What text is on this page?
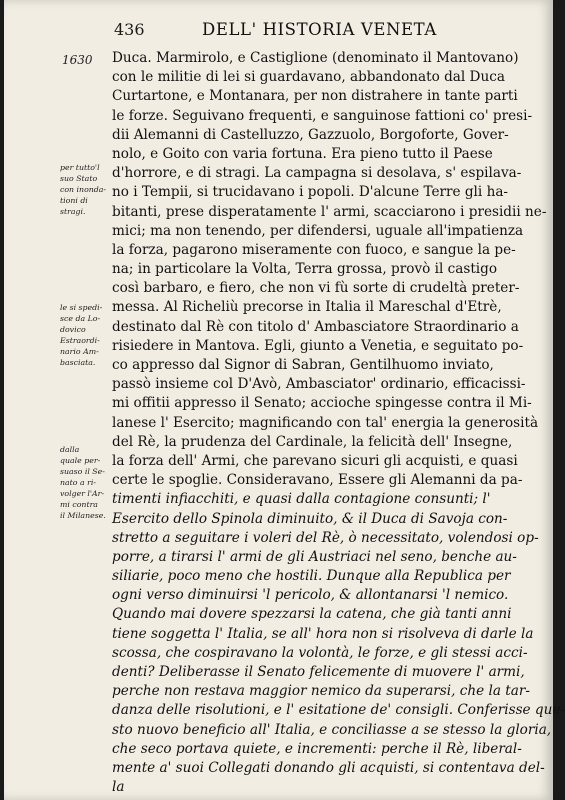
436	DELL' HISTORIA VENETA
1630
per tutto'l
suo Stato
con inonda-
tioni di
stragi.
le si spedi-
sce da Lo-
dovico
Estraordi-
nario Am-
basciata.
dalla
quale per-
suaso il Se-
nato a ri-
volger l'Ar-
mi contra
il Milanese.
Duca. Marmirolo, e Castiglione (denominato il Mantovano)
con le militie di lei si guardavano, abbandonato dal Duca
Curtartone, e Montanara, per non distrahere in tante parti
le forze. Seguivano frequenti, e sanguinose fattioni co' presi-
dii Alemanni di Castelluzzo, Gazzuolo, Borgoforte, Gover-
nolo, e Goito con varia fortuna. Era pieno tutto il Paese
d'horrore, e di stragi. La campagna si desolava, s' espilava-
no i Tempii, si trucidavano i popoli. D'alcune Terre gli ha-
bitanti, prese disperatamente l' armi, scacciarono i presidii ne-
mici; ma non tenendo, per difendersi, uguale all'impatienza
la forza, pagarono miseramente con fuoco, e sangue la pe-
na; in particolare la Volta, Terra grossa, provò il castigo
così barbaro, e fiero, che non vi fù sorte di crudeltà preter-
messa. Al Richeliù precorse in Italia il Mareschal d'Etrè,
destinato dal Rè con titolo d' Ambasciatore Straordinario a
risiedere in Mantova. Egli, giunto a Venetia, e seguitato po-
co appresso dal Signor di Sabran, Gentilhuomo inviato,
passò insieme col D'Avò, Ambasciator' ordinario, efficacissi-
mi offitii appresso il Senato; accioche spingesse contra il Mi-
lanese l' Esercito; magnificando con tal' energia la generosità
del Rè, la prudenza del Cardinale, la felicità dell' Insegne,
la forza dell' Armi, che parevano sicuri gli acquisti, e quasi
certe le spoglie. Consideravano, Essere gli Alemanni da pa-
timenti infiacchiti, e quasi dalla contagione consunti; l'
Esercito dello Spinola diminuito, & il Duca di Savoja con-
stretto a seguitare i voleri del Rè, ò necessitato, volendosi op-
porre, a tirarsi l' armi de gli Austriaci nel seno, benche au-
siliarie, poco meno che hostili. Dunque alla Republica per
ogni verso diminuirsi 'l pericolo, & allontanarsi 'l nemico.
Quando mai dovere spezzarsi la catena, che già tanti anni
tiene soggetta l' Italia, se all' hora non si risolveva di darle la
scossa, che cospiravano la volontà, le forze, e gli stessi acci-
denti? Deliberasse il Senato felicemente di muovere l' armi,
perche non restava maggior nemico da superarsi, che la tar-
danza delle risolutioni, e l' esitatione de' consigli. Conferisse que-
sto nuovo beneficio all' Italia, e conciliasse a se stesso la gloria,
che seco portava quiete, e incrementi: perche il Rè, liberal-
mente a' suoi Collegati donando gli acquisti, si contentava del-
la
